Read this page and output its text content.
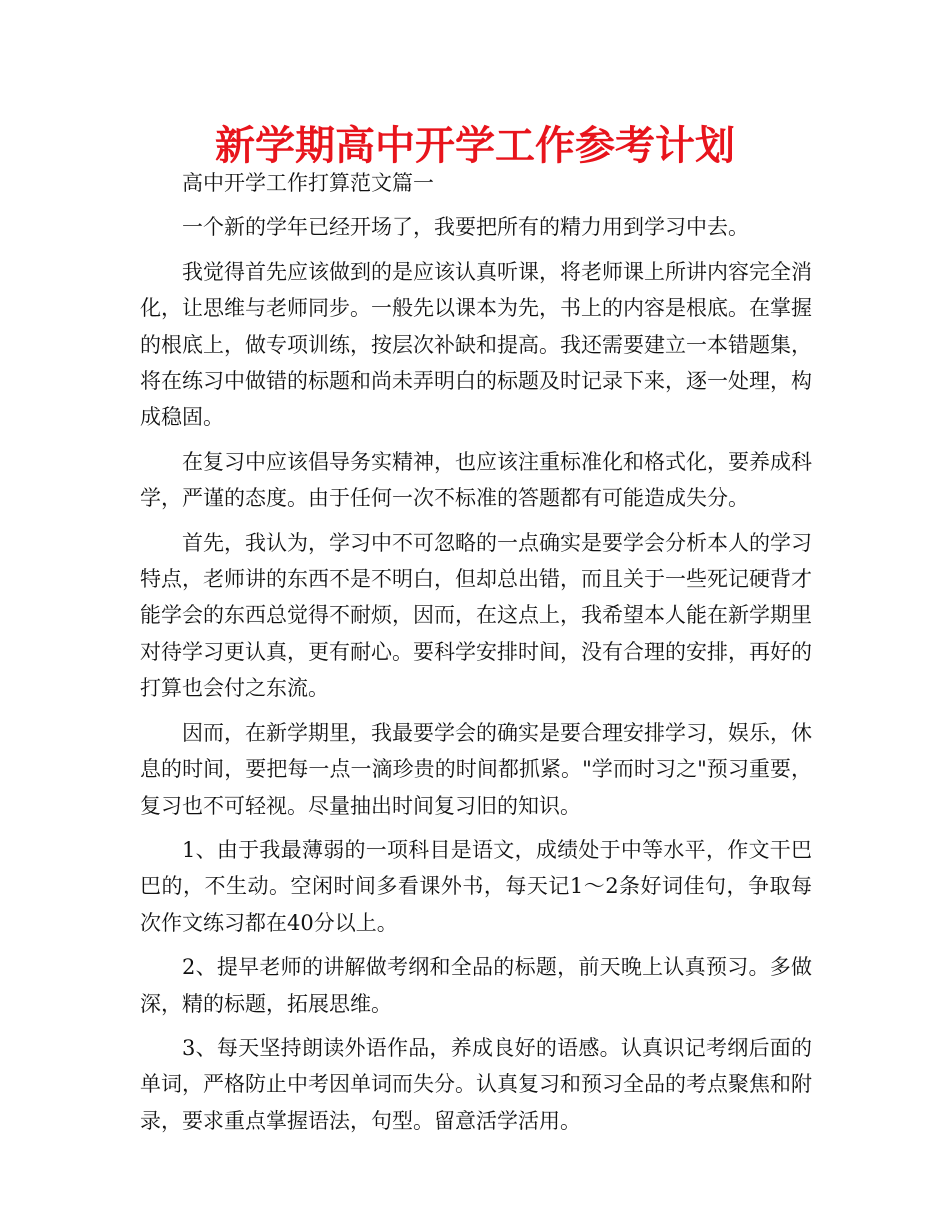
新学期高中开学工作参考计划

高中开学工作打算范文篇一

一个新的学年已经开场了，我要把所有的精力用到学习中去。

我觉得首先应该做到的是应该认真听课，将老师课上所讲内容完全消化，让思维与老师同步。一般先以课本为先，书上的内容是根底。在掌握的根底上，做专项训练，按层次补缺和提高。我还需要建立一本错题集，将在练习中做错的标题和尚未弄明白的标题及时记录下来，逐一处理，构成稳固。

在复习中应该倡导务实精神，也应该注重标准化和格式化，要养成科学，严谨的态度。由于任何一次不标准的答题都有可能造成失分。

首先，我认为，学习中不可忽略的一点确实是要学会分析本人的学习特点，老师讲的东西不是不明白，但却总出错，而且关于一些死记硬背才能学会的东西总觉得不耐烦，因而，在这点上，我希望本人能在新学期里对待学习更认真，更有耐心。要科学安排时间，没有合理的安排，再好的打算也会付之东流。

因而，在新学期里，我最要学会的确实是要合理安排学习，娱乐，休息的时间，要把每一点一滴珍贵的时间都抓紧。"学而时习之"预习重要，复习也不可轻视。尽量抽出时间复习旧的知识。

1、由于我最薄弱的一项科目是语文，成绩处于中等水平，作文干巴巴的，不生动。空闲时间多看课外书，每天记1～2条好词佳句，争取每次作文练习都在40分以上。

2、提早老师的讲解做考纲和全品的标题，前天晚上认真预习。多做深，精的标题，拓展思维。

3、每天坚持朗读外语作品，养成良好的语感。认真识记考纲后面的单词，严格防止中考因单词而失分。认真复习和预习全品的考点聚焦和附录，要求重点掌握语法，句型。留意活学活用。
